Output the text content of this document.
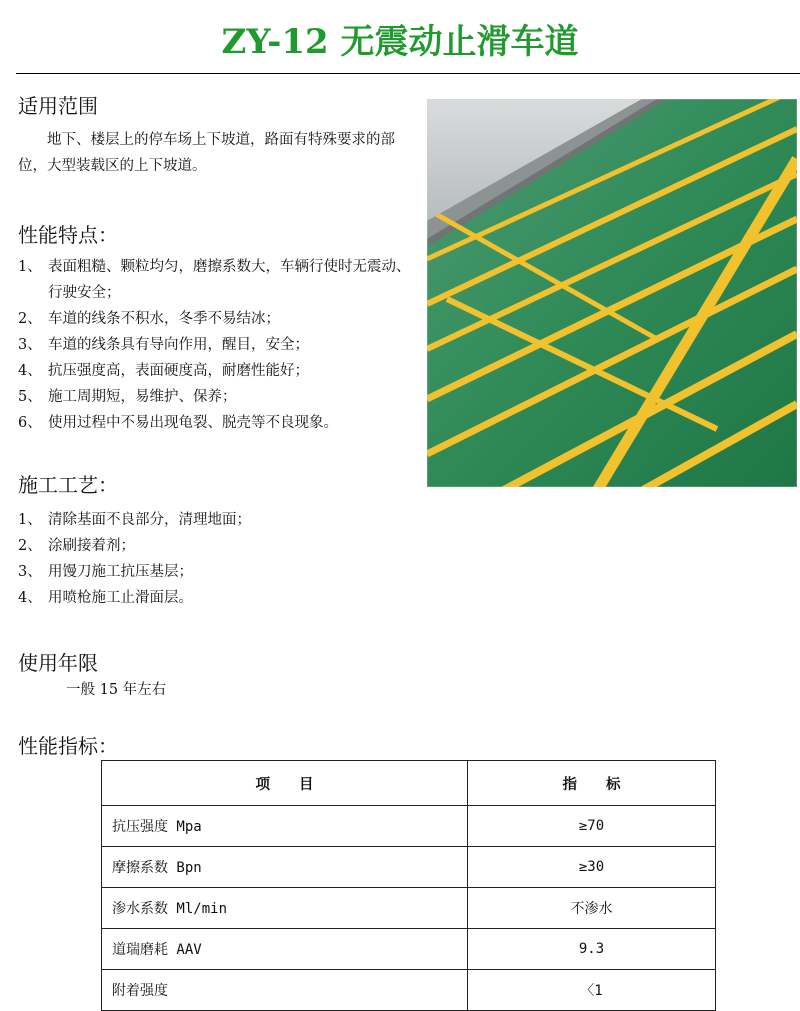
ZY-12 无震动止滑车道
适用范围
地下、楼层上的停车场上下坡道，路面有特殊要求的部位，大型装载区的上下坡道。
性能特点：
1、 表面粗糙、颗粒均匀，磨擦系数大，车辆行使时无震动、行驶安全；
2、 车道的线条不积水，冬季不易结冰；
3、 车道的线条具有导向作用，醒目，安全；
4、 抗压强度高，表面硬度高，耐磨性能好；
5、 施工周期短，易维护、保养；
6、 使用过程中不易出现龟裂、脱壳等不良现象。
施工工艺：
1、 清除基面不良部分，清理地面；
2、 涂刷接着剂；
3、 用馒刀施工抗压基层；
4、 用喷枪施工止滑面层。
使用年限
一般 15 年左右
性能指标：
项　　目	指　　标
抗压强度 Mpa	≥70
摩擦系数 Bpn	≥30
渗水系数 Ml/min	不渗水
道瑞磨耗 AAV	9.3
附着强度	〈1
